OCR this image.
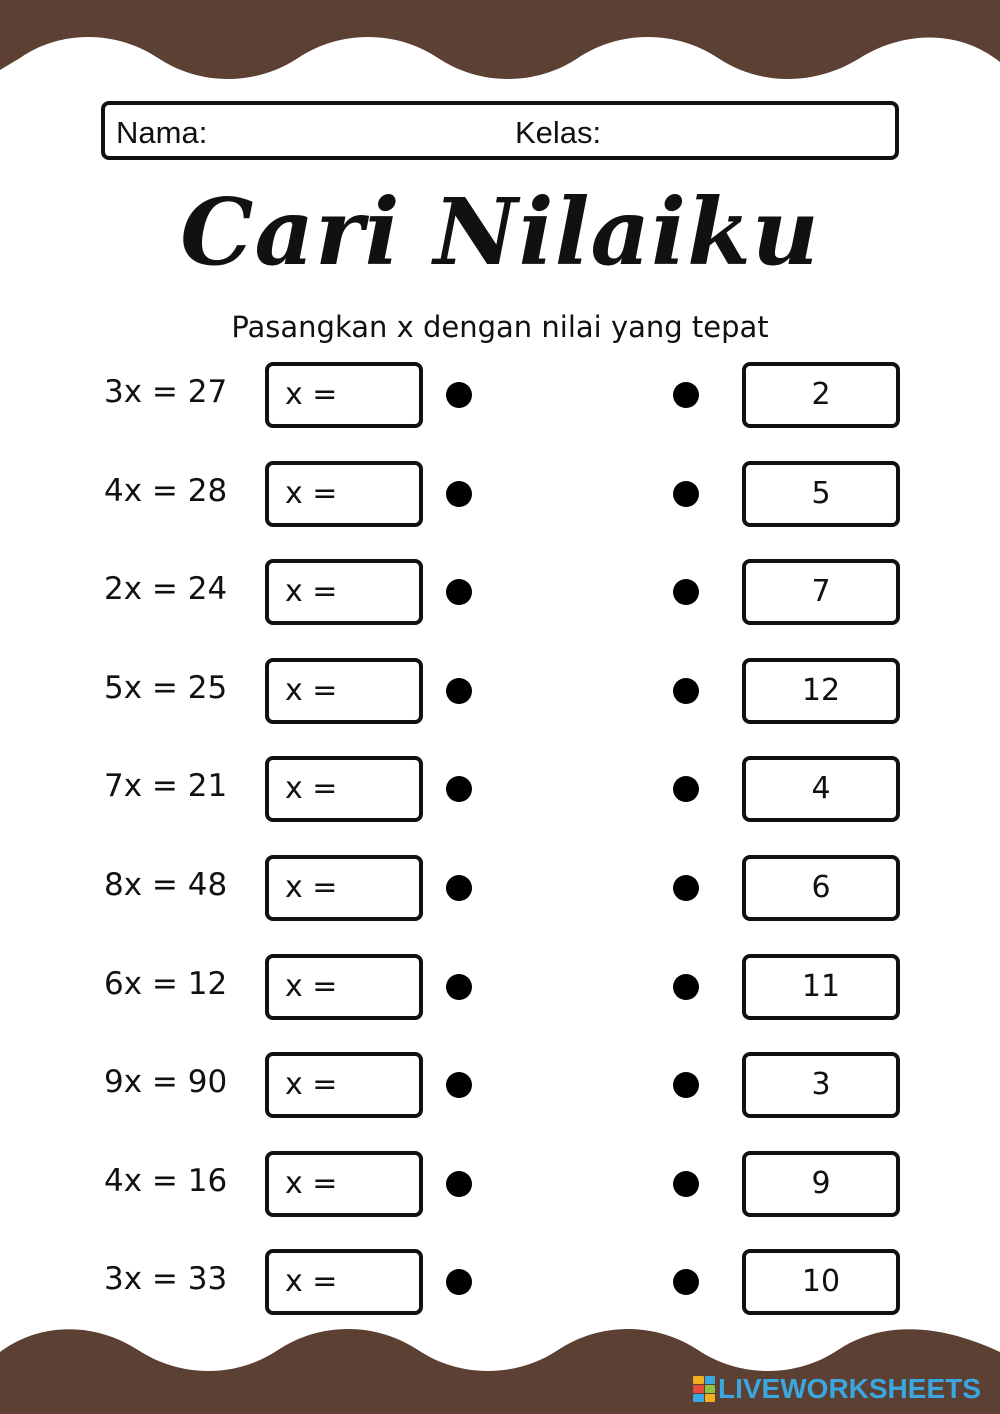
Nama:	Kelas:
Cari Nilaiku
Pasangkan x dengan nilai yang tepat
3x = 27	x =	2
4x = 28	x =	5
2x = 24	x =	7
5x = 25	x =	12
7x = 21	x =	4
8x = 48	x =	6
6x = 12	x =	11
9x = 90	x =	3
4x = 16	x =	9
3x = 33	x =	10
LIVEWORKSHEETS
